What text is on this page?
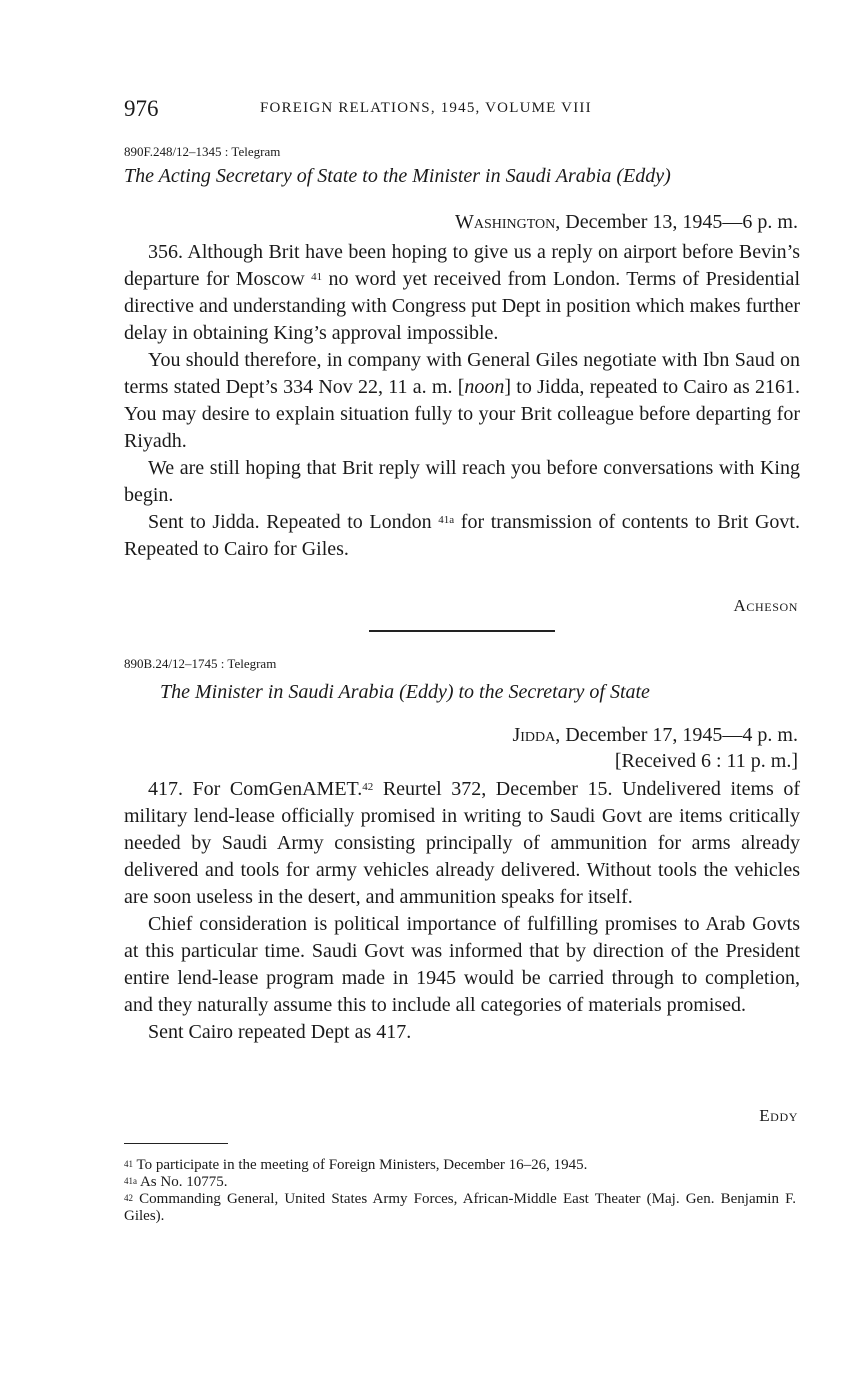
976	FOREIGN RELATIONS, 1945, VOLUME VIII
890F.248/12–1345 : Telegram
The Acting Secretary of State to the Minister in Saudi Arabia (Eddy)
Washington, December 13, 1945—6 p. m.

356. Although Brit have been hoping to give us a reply on airport before Bevin’s departure for Moscow $^{41}$ no word yet received from London. Terms of Presidential directive and understanding with Congress put Dept in position which makes further delay in obtaining King’s approval impossible.

You should therefore, in company with General Giles negotiate with Ibn Saud on terms stated Dept’s 334 Nov 22, 11 a. m. [noon] to Jidda, repeated to Cairo as 2161. You may desire to explain situation fully to your Brit colleague before departing for Riyadh.

We are still hoping that Brit reply will reach you before conversations with King begin.

Sent to Jidda. Repeated to London $^{41a}$ for transmission of contents to Brit Govt. Repeated to Cairo for Giles.

Acheson
890B.24/12–1745 : Telegram
The Minister in Saudi Arabia (Eddy) to the Secretary of State
Jidda, December 17, 1945—4 p. m.
[Received 6 : 11 p. m.]

417. For ComGenAMET.$^{42}$ Reurtel 372, December 15. Undelivered items of military lend-lease officially promised in writing to Saudi Govt are items critically needed by Saudi Army consisting principally of ammunition for arms already delivered and tools for army vehicles already delivered. Without tools the vehicles are soon useless in the desert, and ammunition speaks for itself.

Chief consideration is political importance of fulfilling promises to Arab Govts at this particular time. Saudi Govt was informed that by direction of the President entire lend-lease program made in 1945 would be carried through to completion, and they naturally assume this to include all categories of materials promised.

Sent Cairo repeated Dept as 417.

Eddy
$^{41}$ To participate in the meeting of Foreign Ministers, December 16–26, 1945.
$^{41a}$ As No. 10775.
$^{42}$ Commanding General, United States Army Forces, African-Middle East Theater (Maj. Gen. Benjamin F. Giles).
